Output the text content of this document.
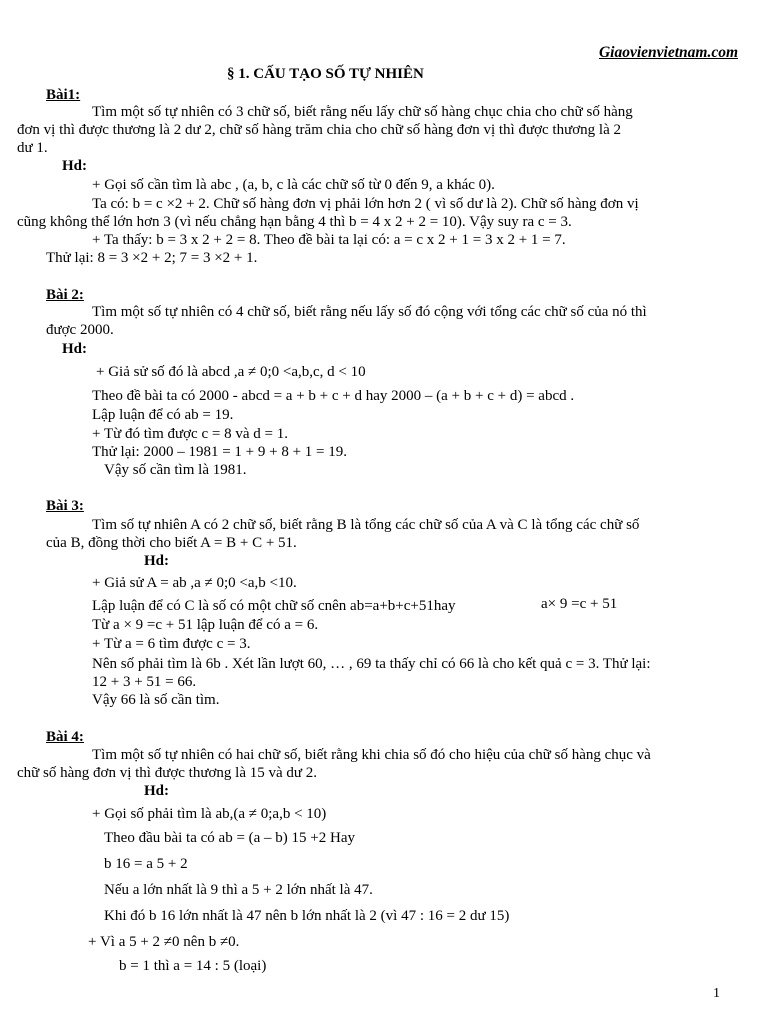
Giaovienvietnam.com
§ 1. CẤU TẠO SỐ TỰ NHIÊN
Bài1:
Tìm một số tự nhiên có 3 chữ số, biết rằng nếu lấy chữ số hàng chục chia cho chữ số hàng
đơn vị thì được thương là 2 dư 2, chữ số hàng trăm chia cho chữ số hàng đơn vị thì được thương là 2
dư 1.
Hd:
+ Gọi số cần tìm là abc , (a, b, c là các chữ số từ 0 đến 9, a khác 0).
Ta có: b = c ×2 + 2. Chữ số hàng đơn vị phải lớn hơn 2 ( vì số dư là 2). Chữ số hàng đơn vị
cũng không thể lớn hơn 3 (vì nếu chẳng hạn bằng 4 thì b = 4 x 2 + 2 = 10). Vậy suy ra c = 3.
+ Ta thấy: b = 3 x 2 + 2 = 8. Theo đề bài ta lại có: a = c x 2 + 1 = 3 x 2 + 1 = 7.
Thử lại: 8 = 3 ×2 + 2; 7 = 3 ×2 + 1.
Bài 2:
Tìm một số tự nhiên có 4 chữ số, biết rằng nếu lấy số đó cộng với tổng các chữ số của nó thì
được 2000.
Hd:
+ Giả sử số đó là abcd ,a ≠ 0;0 <a,b,c, d < 10
Theo đề bài ta có 2000 - abcd = a + b + c + d hay 2000 – (a + b + c + d) = abcd .
Lập luận để có ab = 19.
+ Từ đó tìm được c = 8 và d = 1.
Thử lại: 2000 – 1981 = 1 + 9 + 8 + 1 = 19.
Vậy số cần tìm là 1981.
Bài 3:
Tìm số tự nhiên A có 2 chữ số, biết rằng B là tổng các chữ số của A và C là tổng các chữ số
của B, đồng thời cho biết A = B + C + 51.
Hd:
+ Giả sử A = ab ,a ≠ 0;0 <a,b <10.
Lập luận để có C là số có một chữ số cnên ab=a+b+c+51hay	a× 9 =c + 51
Từ a × 9 =c + 51 lập luận để có a = 6.
+ Từ a = 6 tìm được c = 3.
Nên số phải tìm là 6b . Xét lần lượt 60, … , 69 ta thấy chỉ có 66 là cho kết quả c = 3. Thử lại:
12 + 3 + 51 = 66.
Vậy 66 là số cần tìm.
Bài 4:
Tìm một số tự nhiên có hai chữ số, biết rằng khi chia số đó cho hiệu của chữ số hàng chục và
chữ số hàng đơn vị thì được thương là 15 và dư 2.
Hd:
+ Gọi số phải tìm là ab,(a ≠ 0;a,b < 10)
Theo đầu bài ta có ab = (a – b) 15 +2 Hay
b 16 = a 5 + 2
Nếu a lớn nhất là 9 thì a 5 + 2 lớn nhất là 47.
Khi đó b 16 lớn nhất là 47 nên b lớn nhất là 2 (vì 47 : 16 = 2 dư 15)
+ Vì a 5 + 2 ≠0 nên b ≠0.
b = 1 thì a = 14 : 5 (loại)
1
